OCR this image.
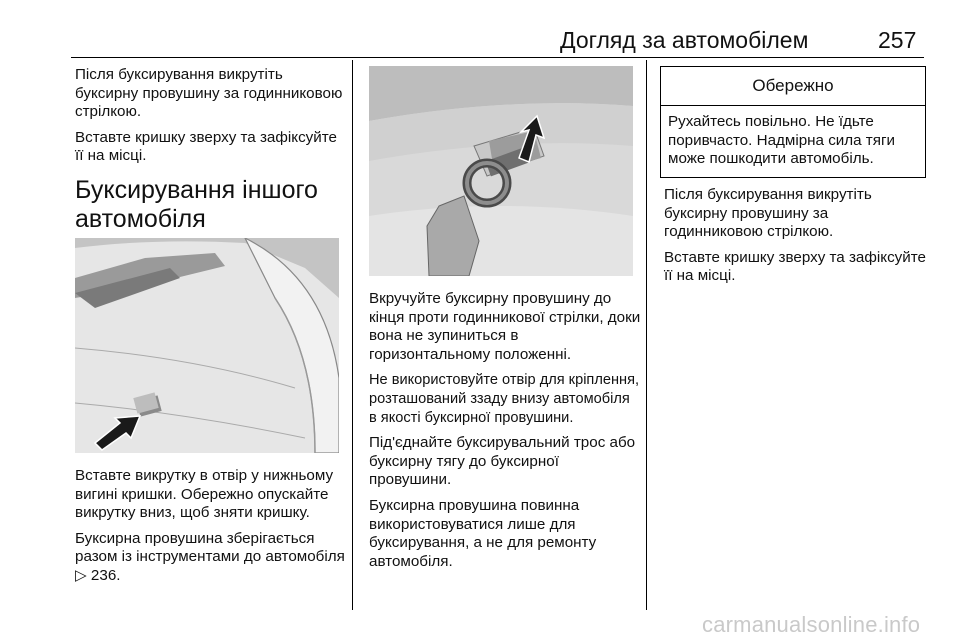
Догляд за автомобілем	257

Після буксирування викрутіть буксирну провушину за годинниковою стрілкою.

Вставте кришку зверху та зафіксуйте її на місці.

Буксирування іншого автомобіля

Вставте викрутку в отвір у нижньому вигині кришки. Обережно опускайте викрутку вниз, щоб зняти кришку.

Буксирна провушина зберігається разом із інструментами до автомобіля ▷ 236.

Вкручуйте буксирну провушину до кінця проти годинникової стрілки, доки вона не зупиниться в горизонтальному положенні.

Не використовуйте отвір для кріплення, розташований ззаду внизу автомобіля в якості буксирної провушини.

Під'єднайте буксирувальний трос або буксирну тягу до буксирної провушини.

Буксирна провушина повинна використовуватися лише для буксирування, а не для ремонту автомобіля.

Обережно
Рухайтесь повільно. Не їдьте поривчасто. Надмірна сила тяги може пошкодити автомобіль.

Після буксирування викрутіть буксирну провушину за годинниковою стрілкою.

Вставте кришку зверху та зафіксуйте її на місці.

carmanualsonline.info
